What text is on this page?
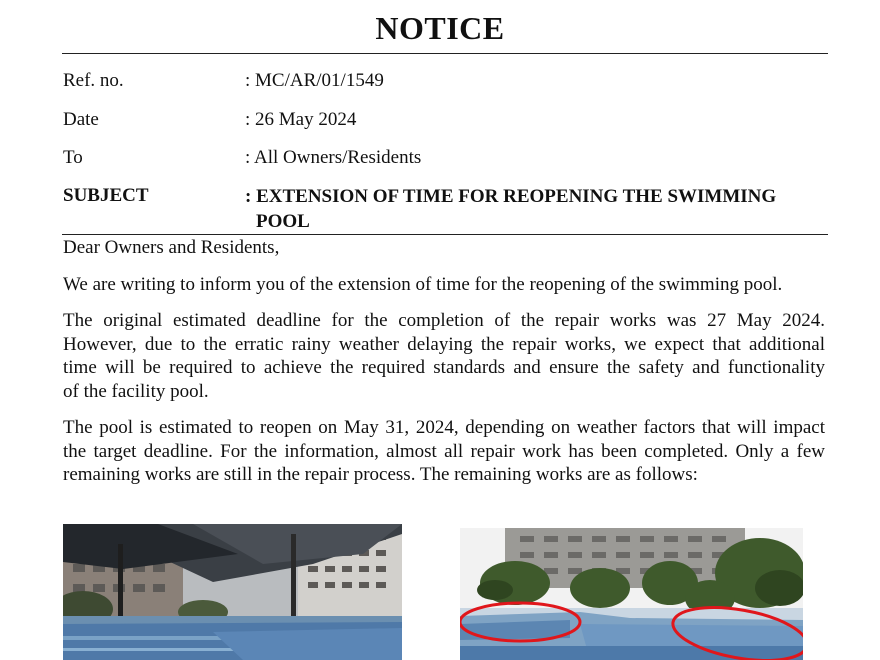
NOTICE
Ref. no.	: MC/AR/01/1549
Date	: 26 May 2024
To	: All Owners/Residents
SUBJECT	: EXTENSION OF TIME FOR REOPENING THE SWIMMING
POOL
Dear Owners and Residents,
We are writing to inform you of the extension of time for the reopening of the swimming pool.
The original estimated deadline for the completion of the repair works was 27 May 2024.
However, due to the erratic rainy weather delaying the repair works, we expect that additional
time will be required to achieve the required standards and ensure the safety and functionality
of the facility pool.
The pool is estimated to reopen on May 31, 2024, depending on weather factors that will impact
the target deadline. For the information, almost all repair work has been completed. Only a few
remaining works are still in the repair process. The remaining works are as follows:
